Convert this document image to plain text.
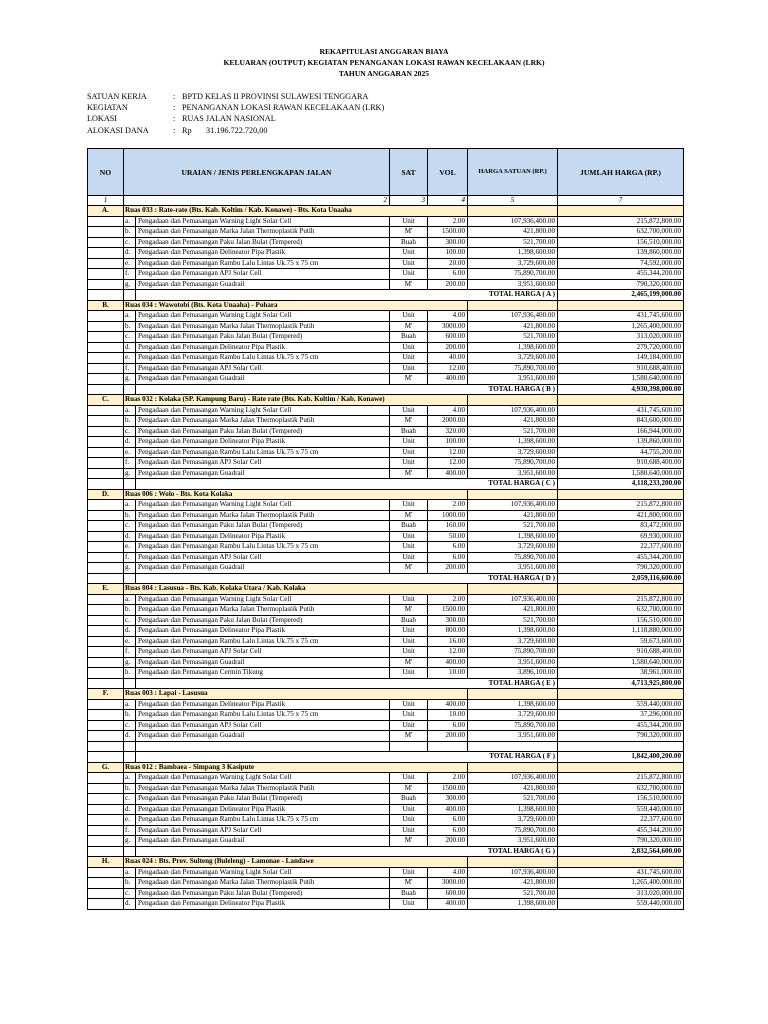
REKAPITULASI ANGGARAN BIAYA
KELUARAN (OUTPUT) KEGIATAN PENANGANAN LOKASI RAWAN KECELAKAAN (LRK)
TAHUN ANGGARAN 2025
SATUAN KERJA	: BPTD KELAS II PROVINSI SULAWESI TENGGARA
KEGIATAN	: PENANGANAN LOKASI RAWAN KECELAKAAN (LRK)
LOKASI	: RUAS JALAN NASIONAL
ALOKASI DANA	: Rp	31.196.722.720,00
NO	URAIAN / JENIS PERLENGKAPAN JALAN		SAT	VOL	HARGA SATUAN (RP.)	JUMLAH HARGA (RP.)
1	2		3	4	5	7
A.	Ruas 033 : Rate-rate (Bts. Kab. Koltim / Kab. Konawe) - Bts. Kota Unaaha					
	a.	Pengadaan dan Pemasangan Warning Light Solar Cell	Unit	2.00	107,936,400.00	215,872,800.00
	b.	Pengadaan dan Pemasangan Marka Jalan Thermoplastik Putih	M'	1500.00	421,800.00	632,700,000.00
	c.	Pengadaan dan Pemasangan Paku Jalan Bulat (Tempered)	Buah	300.00	521,700.00	156,510,000.00
	d.	Pengadaan dan Pemasangan Delineator Pipa Plastik	Unit	100.00	1,398,600.00	139,860,000.00
	e.	Pengadaan dan Pemasangan Rambu Lalu Lintas Uk.75 x 75 cm	Unit	20.00	3,729,600.00	74,592,000.00
	f.	Pengadaan dan Pemasangan APJ Solar Cell	Unit	6.00	75,890,700.00	455,344,200.00
	g.	Pengadaan dan Pemasangan Guadrail	M'	200.00	3,951,600.00	790,320,000.00
		TOTAL HARGA ( A )				2,465,199,000.00
B.	Ruas 034 : Wawotobi (Bts. Kota Unaaha) - Pohara					
	a.	Pengadaan dan Pemasangan Warning Light Solar Cell	Unit	4.00	107,936,400.00	431,745,600.00
	b.	Pengadaan dan Pemasangan Marka Jalan Thermoplastik Putih	M'	3000.00	421,800.00	1,265,400,000.00
	c.	Pengadaan dan Pemasangan Paku Jalan Bulat (Tempered)	Buah	600.00	521,700.00	313,020,000.00
	d.	Pengadaan dan Pemasangan Delineator Pipa Plastik	Unit	200.00	1,398,600.00	279,720,000.00
	e.	Pengadaan dan Pemasangan Rambu Lalu Lintas Uk.75 x 75 cm	Unit	40.00	3,729,600.00	149,184,000.00
	f.	Pengadaan dan Pemasangan APJ Solar Cell	Unit	12.00	75,890,700.00	910,688,400.00
	g.	Pengadaan dan Pemasangan Guadrail	M'	400.00	3,951,600.00	1,580,640,000.00
		TOTAL HARGA ( B )				4,930,398,000.00
C.	Ruas 032 : Kolaka (SP. Kampung Baru) - Rate rate (Bts. Kab. Koltim / Kab. Konawe)					
	a.	Pengadaan dan Pemasangan Warning Light Solar Cell	Unit	4.00	107,936,400.00	431,745,600.00
	b.	Pengadaan dan Pemasangan Marka Jalan Thermoplastik Putih	M'	2000.00	421,800.00	843,600,000.00
	c.	Pengadaan dan Pemasangan Paku Jalan Bulat (Tempered)	Buah	320.00	521,700.00	166,944,000.00
	d.	Pengadaan dan Pemasangan Delineator Pipa Plastik	Unit	100.00	1,398,600.00	139,860,000.00
	e.	Pengadaan dan Pemasangan Rambu Lalu Lintas Uk.75 x 75 cm	Unit	12.00	3,729,600.00	44,755,200.00
	f.	Pengadaan dan Pemasangan APJ Solar Cell	Unit	12.00	75,890,700.00	910,688,400.00
	g.	Pengadaan dan Pemasangan Guadrail	M'	400.00	3,951,600.00	1,580,640,000.00
		TOTAL HARGA ( C )				4,118,233,200.00
D.	Ruas 006 : Wolo - Bts. Kota Kolaka					
	a.	Pengadaan dan Pemasangan Warning Light Solar Cell	Unit	2.00	107,936,400.00	215,872,800.00
	b.	Pengadaan dan Pemasangan Marka Jalan Thermoplastik Putih	M'	1000.00	421,800.00	421,800,000.00
	c.	Pengadaan dan Pemasangan Paku Jalan Bulat (Tempered)	Buah	160.00	521,700.00	83,472,000.00
	d.	Pengadaan dan Pemasangan Delineator Pipa Plastik	Unit	50.00	1,398,600.00	69,930,000.00
	e.	Pengadaan dan Pemasangan Rambu Lalu Lintas Uk.75 x 75 cm	Unit	6.00	3,729,600.00	22,377,600.00
	f.	Pengadaan dan Pemasangan APJ Solar Cell	Unit	6.00	75,890,700.00	455,344,200.00
	g.	Pengadaan dan Pemasangan Guadrail	M'	200.00	3,951,600.00	790,320,000.00
		TOTAL HARGA ( D )				2,059,116,600.00
E.	Ruas 004 : Lasusua - Bts. Kab. Kolaka Utara / Kab. Kolaka					
	a.	Pengadaan dan Pemasangan Warning Light Solar Cell	Unit	2.00	107,936,400.00	215,872,800.00
	b.	Pengadaan dan Pemasangan Marka Jalan Thermoplastik Putih	M'	1500.00	421,800.00	632,700,000.00
	c.	Pengadaan dan Pemasangan Paku Jalan Bulat (Tempered)	Buah	300.00	521,700.00	156,510,000.00
	d.	Pengadaan dan Pemasangan Delineator Pipa Plastik	Unit	800.00	1,398,600.00	1,118,880,000.00
	e.	Pengadaan dan Pemasangan Rambu Lalu Lintas Uk.75 x 75 cm	Unit	16.00	3,729,600.00	59,673,600.00
	f.	Pengadaan dan Pemasangan APJ Solar Cell	Unit	12.00	75,890,700.00	910,688,400.00
	g.	Pengadaan dan Pemasangan Guadrail	M'	400.00	3,951,600.00	1,580,640,000.00
	h.	Pengadaan dan Pemasangan Cermin Tikung	Unit	10.00	3,896,100.00	38,961,000.00
		TOTAL HARGA ( E )				4,713,925,800.00
F.	Ruas 003 : Lapai - Lasusua					
	a.	Pengadaan dan Pemasangan Delineator Pipa Plastik	Unit	400.00	1,398,600.00	559,440,000.00
	b.	Pengadaan dan Pemasangan Rambu Lalu Lintas Uk.75 x 75 cm	Unit	10.00	3,729,600.00	37,296,000.00
	c.	Pengadaan dan Pemasangan APJ Solar Cell	Unit	6.00	75,890,700.00	455,344,200.00
	d.	Pengadaan dan Pemasangan Guadrail	M'	200.00	3,951,600.00	790,320,000.00

		TOTAL HARGA ( F )				1,842,400,200.00
G.	Ruas 012 : Bambaea - Simpang 3 Kasipute					
	a.	Pengadaan dan Pemasangan Warning Light Solar Cell	Unit	2.00	107,936,400.00	215,872,800.00
	b.	Pengadaan dan Pemasangan Marka Jalan Thermoplastik Putih	M'	1500.00	421,800.00	632,700,000.00
	c.	Pengadaan dan Pemasangan Paku Jalan Bulat (Tempered)	Buah	300.00	521,700.00	156,510,000.00
	d.	Pengadaan dan Pemasangan Delineator Pipa Plastik	Unit	400.00	1,398,600.00	559,440,000.00
	e.	Pengadaan dan Pemasangan Rambu Lalu Lintas Uk.75 x 75 cm	Unit	6.00	3,729,600.00	22,377,600.00
	f.	Pengadaan dan Pemasangan APJ Solar Cell	Unit	6.00	75,890,700.00	455,344,200.00
	g.	Pengadaan dan Pemasangan Guadrail	M'	200.00	3,951,600.00	790,320,000.00
		TOTAL HARGA ( G )				2,832,564,600.00
H.	Ruas 024 : Bts. Prov. Sulteng (Buleleng) - Lamonae - Landawe					
	a.	Pengadaan dan Pemasangan Warning Light Solar Cell	Unit	4.00	107,936,400.00	431,745,600.00
	b.	Pengadaan dan Pemasangan Marka Jalan Thermoplastik Putih	M'	3000.00	421,800.00	1,265,400,000.00
	c.	Pengadaan dan Pemasangan Paku Jalan Bulat (Tempered)	Buah	600.00	521,700.00	313,020,000.00
	d.	Pengadaan dan Pemasangan Delineator Pipa Plastik	Unit	400.00	1,398,600.00	559,440,000.00
